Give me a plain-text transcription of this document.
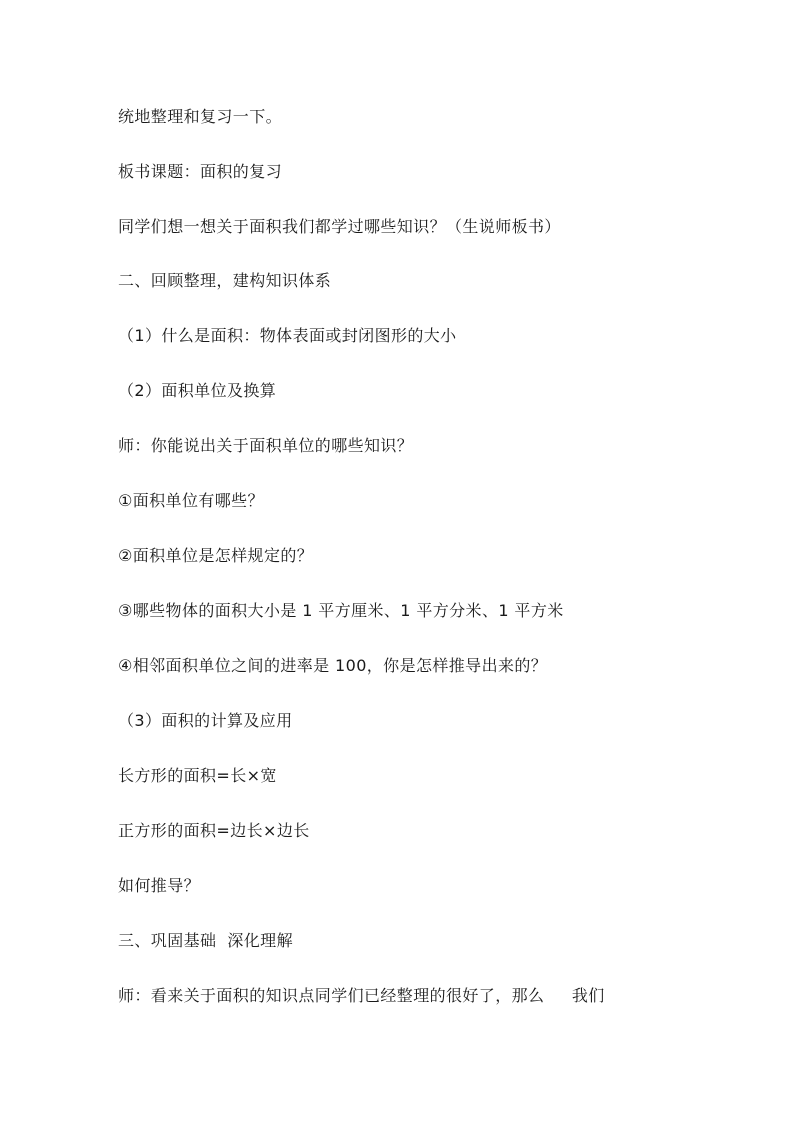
统地整理和复习一下。
板书课题：面积的复习
同学们想一想关于面积我们都学过哪些知识？（生说师板书）
二、回顾整理，建构知识体系
（1）什么是面积：物体表面或封闭图形的大小
（2）面积单位及换算
师：你能说出关于面积单位的哪些知识？
①面积单位有哪些？
②面积单位是怎样规定的？
③哪些物体的面积大小是 1 平方厘米、1 平方分米、1 平方米
④相邻面积单位之间的进率是 100，你是怎样推导出来的？
（3）面积的计算及应用
长方形的面积=长×宽
正方形的面积=边长×边长
如何推导？
三、巩固基础  深化理解
师：看来关于面积的知识点同学们已经整理的很好了，那么     我们
